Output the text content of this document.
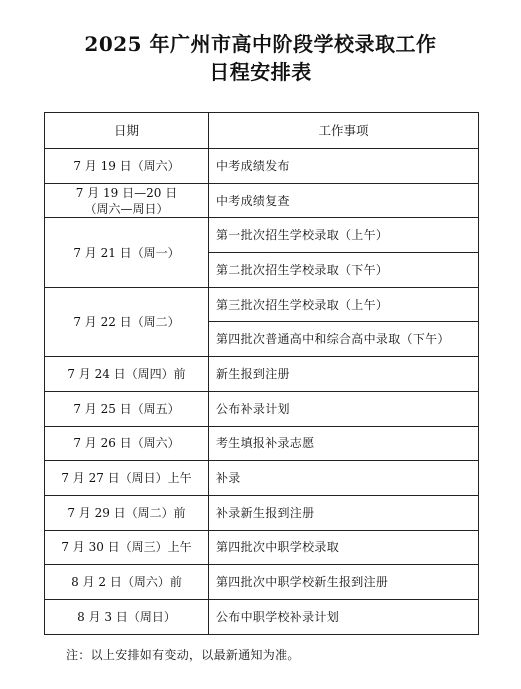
2025 年广州市高中阶段学校录取工作
日程安排表
日期	工作事项
7 月 19 日（周六）	中考成绩发布

7 月 19 日—20 日
（周六—周日）	中考成绩复查
7 月 21 日（周一）	第一批次招生学校录取（上午）
	第二批次招生学校录取（下午）
7 月 22 日（周二）	第三批次招生学校录取（上午）
	第四批次普通高中和综合高中录取（下午）
7 月 24 日（周四）前	新生报到注册
7 月 25 日（周五）	公布补录计划
7 月 26 日（周六）	考生填报补录志愿
7 月 27 日（周日）上午	补录
7 月 29 日（周二）前	补录新生报到注册
7 月 30 日（周三）上午	第四批次中职学校录取
8 月 2 日（周六）前	第四批次中职学校新生报到注册
8 月 3 日（周日）	公布中职学校补录计划
注：以上安排如有变动，以最新通知为准。
